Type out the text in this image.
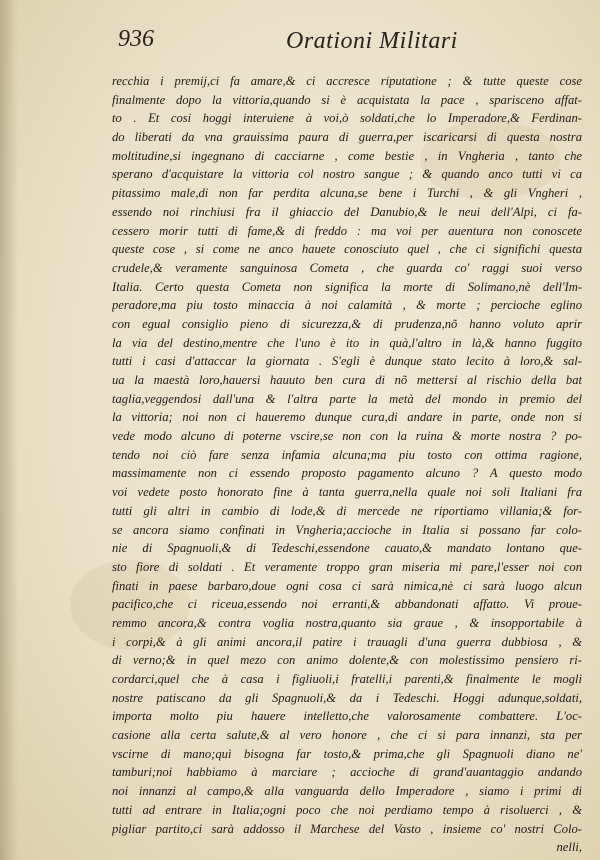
936	Orationi Militari
recchia i premij,ci fa amare,& ci accresce riputatione ; & tutte queste cose
finalmente dopo la vittoria,quando si è acquistata la pace , sparisceno affat-
to . Et cosi hoggi interuiene à voi,ò soldati,che lo Imperadore,& Ferdinan-
do liberati da vna grauissima paura di guerra,per iscaricarsi di questa nostra
moltitudine,si ingegnano di cacciarne , come bestie , in Vngheria , tanto che
sperano d'acquistare la vittoria col nostro sangue ; & quando anco tutti vi ca
pitassimo male,di non far perdita alcuna,se bene i Turchi , & gli Vngheri ,
essendo noi rinchiusi fra il ghiaccio del Danubio,& le neui dell'Alpi, ci fa-
cessero morir tutti di fame,& di freddo : ma voi per auentura non conoscete
queste cose , si come ne anco hauete conosciuto quel , che ci significhi questa
crudele,& veramente sanguinosa Cometa , che guarda co' raggi suoi verso
Italia. Certo questa Cometa non significa la morte di Solimano,nè dell'Im-
peradore,ma piu tosto minaccia à noi calamità , & morte ; percioche eglino
con egual consiglio pieno di sicurezza,& di prudenza,nõ hanno voluto aprir
la via del destino,mentre che l'uno è ito in quà,l'altro in là,& hanno fuggito
tutti i casi d'attaccar la giornata . S'egli è dunque stato lecito à loro,& sal-
ua la maestà loro,hauersi hauuto ben cura di nõ mettersi al rischio della bat
taglia,veggendosi dall'una & l'altra parte la metà del mondo in premio del
la vittoria; noi non ci haueremo dunque cura,di andare in parte, onde non si
vede modo alcuno di poterne vscire,se non con la ruina & morte nostra ? po-
tendo noi ciò fare senza infamia alcuna;ma piu tosto con ottima ragione,
massimamente non ci essendo proposto pagamento alcuno ? A questo modo
voi vedete posto honorato fine à tanta guerra,nella quale noi soli Italiani fra
tutti gli altri in cambio di lode,& di mercede ne riportiamo villania;& for-
se ancora siamo confinati in Vngheria;accioche in Italia si possano far colo-
nie di Spagnuoli,& di Tedeschi,essendone cauato,& mandato lontano que-
sto fiore di soldati . Et veramente troppo gran miseria mi pare,l'esser noi con
finati in paese barbaro,doue ogni cosa ci sarà nimica,nè ci sarà luogo alcun
pacifico,che ci riceua,essendo noi erranti,& abbandonati affatto. Vi proue-
remmo ancora,& contra voglia nostra,quanto sia graue , & insopportabile à
i corpi,& à gli animi ancora,il patire i trauagli d'una guerra dubbiosa , &
di verno;& in quel mezo con animo dolente,& con molestissimo pensiero ri-
cordarci,quel che à casa i figliuoli,i fratelli,i parenti,& finalmente le mogli
nostre patiscano da gli Spagnuoli,& da i Tedeschi. Hoggi adunque,soldati,
importa molto piu hauere intelletto,che valorosamente combattere. L'oc-
casione alla certa salute,& al vero honore , che ci si para innanzi, sta per
vscirne di mano;quì bisogna far tosto,& prima,che gli Spagnuoli diano ne'
tamburi;noi habbiamo à marciare ; accioche di grand'auantaggio andando
noi innanzi al campo,& alla vanguarda dello Imperadore , siamo i primi di
tutti ad entrare in Italia;ogni poco che noi perdiamo tempo à risoluerci , &
pigliar partito,ci sarà addosso il Marchese del Vasto , insieme co' nostri Colo-
nelli,
